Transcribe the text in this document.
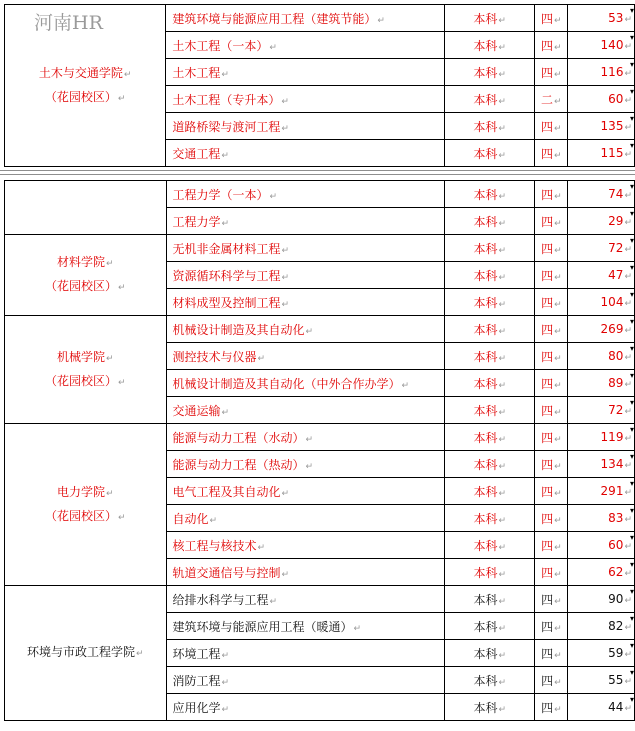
河南HR
土木与交通学院↵
（花园校区）↵	建筑环境与能源应用工程（建筑节能）↵	本科↵	四↵	53↵
	土木工程（一本）↵	本科↵	四↵	140↵
	土木工程↵	本科↵	四↵	116↵
	土木工程（专升本）↵	本科↵	二↵	60↵
	道路桥梁与渡河工程↵	本科↵	四↵	135↵
	交通工程↵	本科↵	四↵	115↵
	工程力学（一本）↵	本科↵	四↵	74↵
	工程力学↵	本科↵	四↵	29↵

材料学院↵
（花园校区）↵	无机非金属材料工程↵	本科↵	四↵	72↵
	资源循环科学与工程↵	本科↵	四↵	47↵
	材料成型及控制工程↵	本科↵	四↵	104↵

机械学院↵
（花园校区）↵	机械设计制造及其自动化↵	本科↵	四↵	269↵
	测控技术与仪器↵	本科↵	四↵	80↵
	机械设计制造及其自动化（中外合作办学）↵	本科↵	四↵	89↵
	交通运输↵	本科↵	四↵	72↵

电力学院↵
（花园校区）↵	能源与动力工程（水动）↵	本科↵	四↵	119↵
	能源与动力工程（热动）↵	本科↵	四↵	134↵
	电气工程及其自动化↵	本科↵	四↵	291↵
	自动化↵	本科↵	四↵	83↵
	核工程与核技术↵	本科↵	四↵	60↵
	轨道交通信号与控制↵	本科↵	四↵	62↵

环境与市政工程学院↵	给排水科学与工程↵	本科↵	四↵	90↵
	建筑环境与能源应用工程（暖通）↵	本科↵	四↵	82↵
	环境工程↵	本科↵	四↵	59↵
	消防工程↵	本科↵	四↵	55↵
	应用化学↵	本科↵	四↵	44↵
▾
▾
▾
▾
▾
▾
▾
▾
▾
▾
▾
▾
▾
▾
▾
▾
▾
▾
▾
▾
▾
▾
▾
▾
▾
▾
